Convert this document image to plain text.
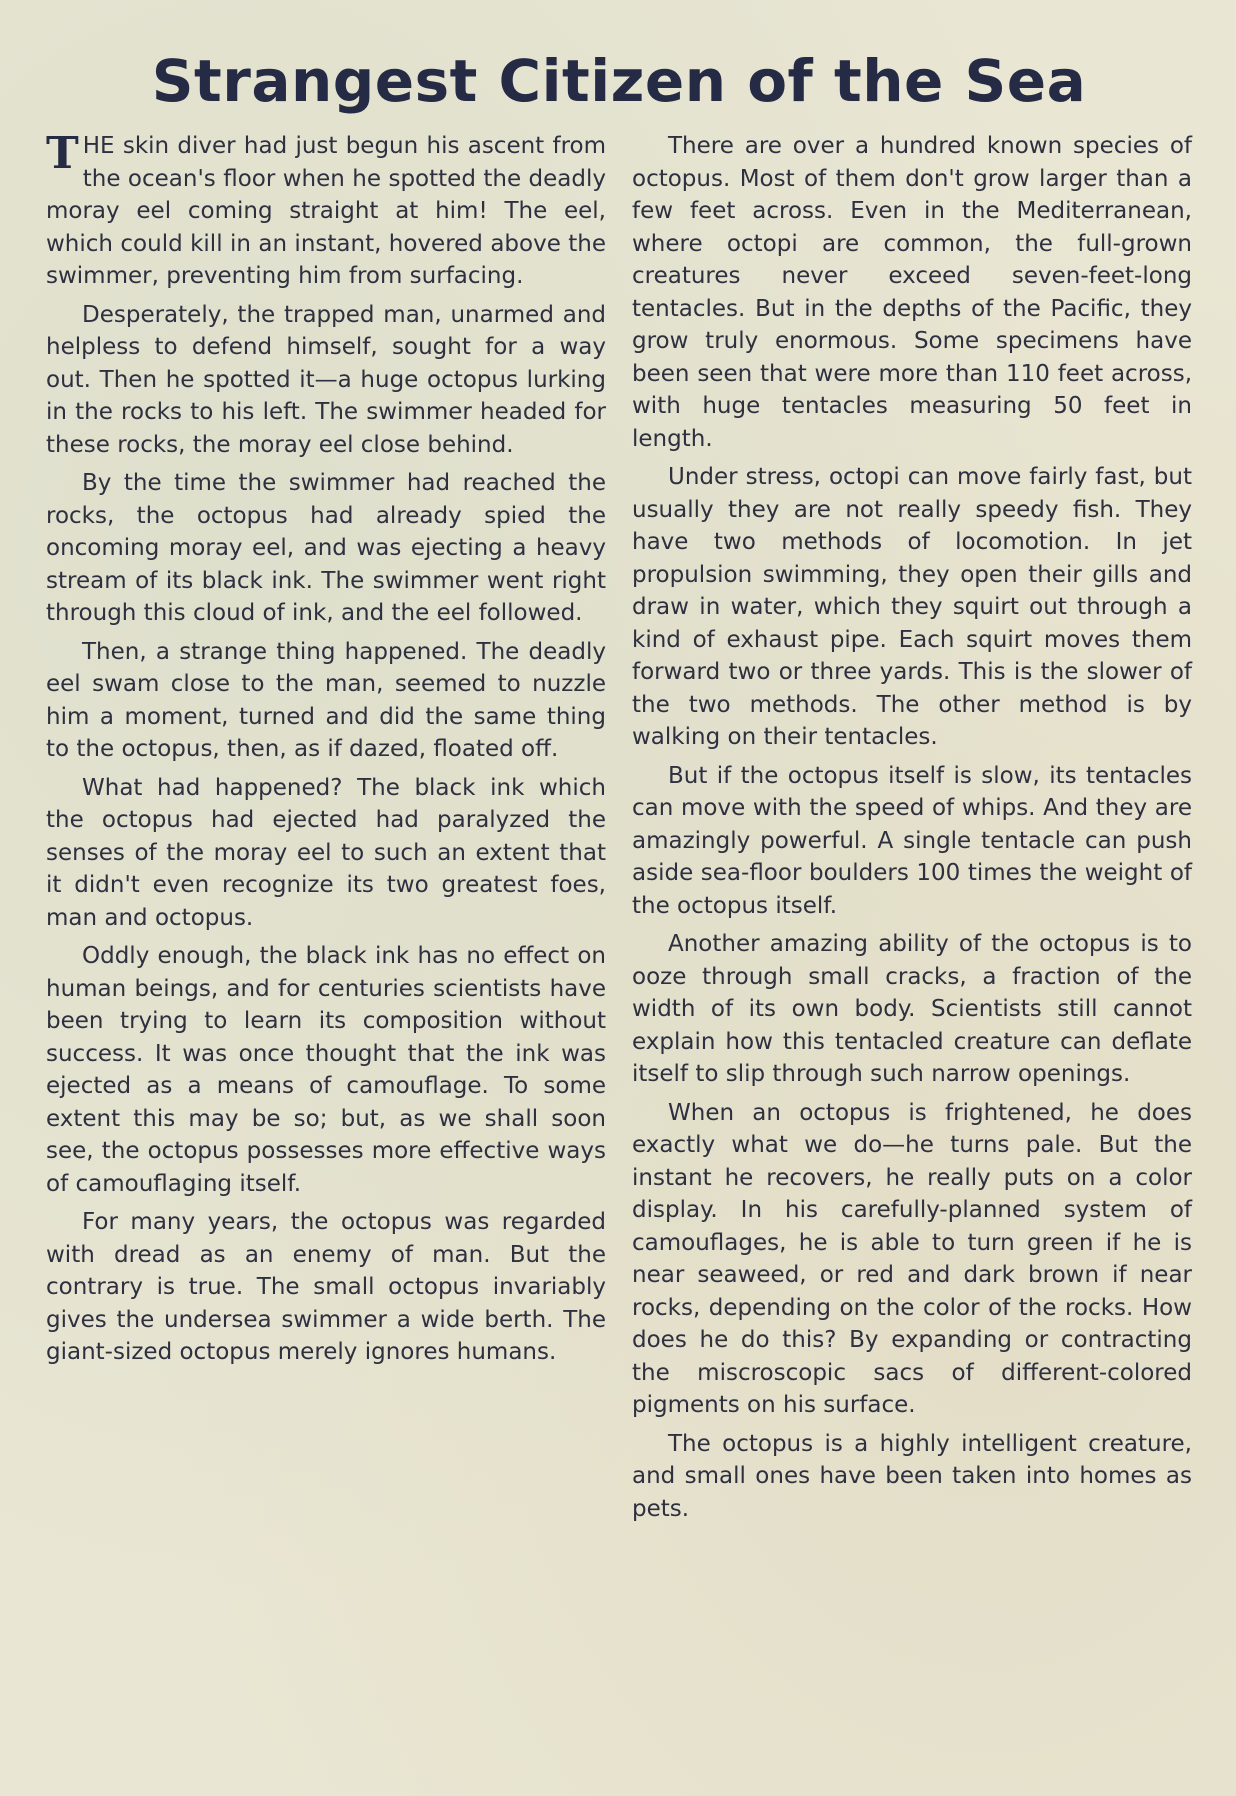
Strangest Citizen of the Sea

THE skin diver had just begun his ascent from the ocean's floor when he spotted the deadly moray eel coming straight at him! The eel, which could kill in an instant, hovered above the swimmer, preventing him from surfacing.

Desperately, the trapped man, unarmed and helpless to defend himself, sought for a way out. Then he spotted it—a huge octopus lurking in the rocks to his left. The swimmer headed for these rocks, the moray eel close behind.

By the time the swimmer had reached the rocks, the octopus had already spied the oncoming moray eel, and was ejecting a heavy stream of its black ink. The swimmer went right through this cloud of ink, and the eel followed.

Then, a strange thing happened. The deadly eel swam close to the man, seemed to nuzzle him a moment, turned and did the same thing to the octopus, then, as if dazed, floated off.

What had happened? The black ink which the octopus had ejected had paralyzed the senses of the moray eel to such an extent that it didn't even recognize its two greatest foes, man and octopus.

Oddly enough, the black ink has no effect on human beings, and for centuries scientists have been trying to learn its composition without success. It was once thought that the ink was ejected as a means of camouflage. To some extent this may be so; but, as we shall soon see, the octopus possesses more effective ways of camouflaging itself.

For many years, the octopus was regarded with dread as an enemy of man. But the contrary is true. The small octopus invariably gives the undersea swimmer a wide berth. The giant-sized octopus merely ignores humans.

There are over a hundred known species of octopus. Most of them don't grow larger than a few feet across. Even in the Mediterranean, where octopi are common, the full-grown creatures never exceed seven-feet-long tentacles. But in the depths of the Pacific, they grow truly enormous. Some specimens have been seen that were more than 110 feet across, with huge tentacles measuring 50 feet in length.

Under stress, octopi can move fairly fast, but usually they are not really speedy fish. They have two methods of locomotion. In jet propulsion swimming, they open their gills and draw in water, which they squirt out through a kind of exhaust pipe. Each squirt moves them forward two or three yards. This is the slower of the two methods. The other method is by walking on their tentacles.

But if the octopus itself is slow, its tentacles can move with the speed of whips. And they are amazingly powerful. A single tentacle can push aside sea-floor boulders 100 times the weight of the octopus itself.

Another amazing ability of the octopus is to ooze through small cracks, a fraction of the width of its own body. Scientists still cannot explain how this tentacled creature can deflate itself to slip through such narrow openings.

When an octopus is frightened, he does exactly what we do—he turns pale. But the instant he recovers, he really puts on a color display. In his carefully-planned system of camouflages, he is able to turn green if he is near seaweed, or red and dark brown if near rocks, depending on the color of the rocks. How does he do this? By expanding or contracting the miscroscopic sacs of different-colored pigments on his surface.

The octopus is a highly intelligent creature, and small ones have been taken into homes as pets.
